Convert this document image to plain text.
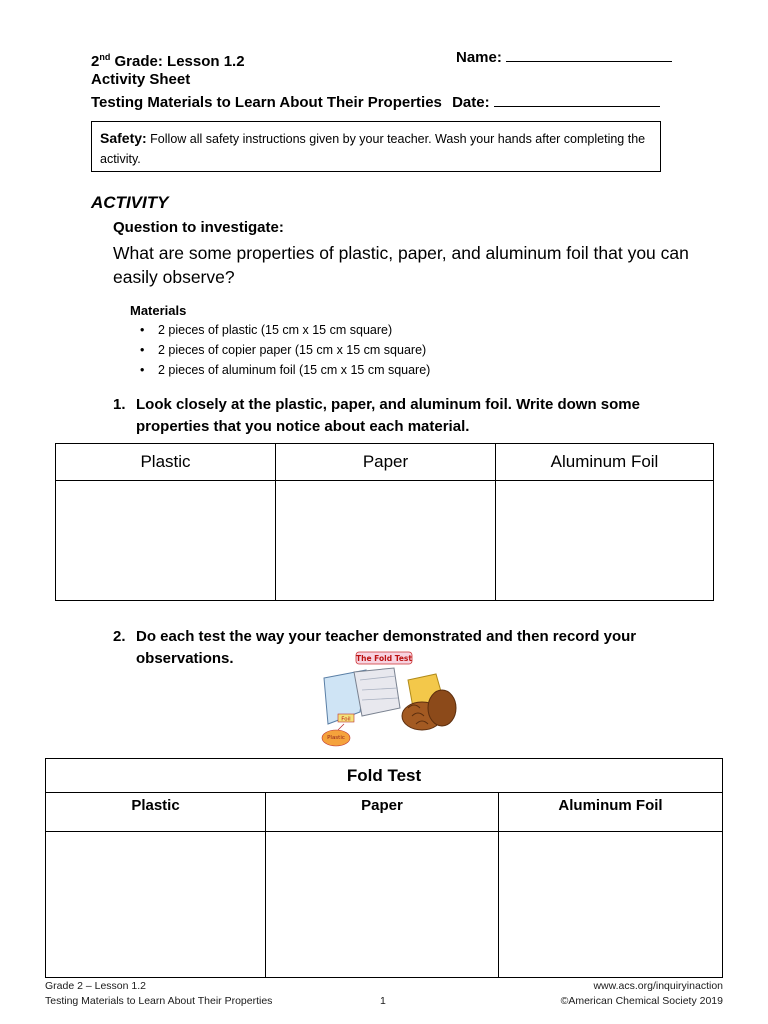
2nd Grade: Lesson 1.2	Name:
Activity Sheet
Testing Materials to Learn About Their Properties Date:
Safety: Follow all safety instructions given by your teacher. Wash your hands after completing the activity.
ACTIVITY
Question to investigate:
What are some properties of plastic, paper, and aluminum foil that you can easily observe?
Materials
• 2 pieces of plastic (15 cm x 15 cm square)
• 2 pieces of copier paper (15 cm x 15 cm square)
• 2 pieces of aluminum foil (15 cm x 15 cm square)
1. Look closely at the plastic, paper, and aluminum foil. Write down some properties that you notice about each material.
Plastic	Paper	Aluminum Foil

2. Do each test the way your teacher demonstrated and then record your observations.	The Fold Test
Foil
Plastic
Fold Test		
Plastic	Paper	Aluminum Foil

Grade 2 – Lesson 1.2
Testing Materials to Learn About Their Properties	1
www.acs.org/inquiryinaction
©American Chemical Society 2019
